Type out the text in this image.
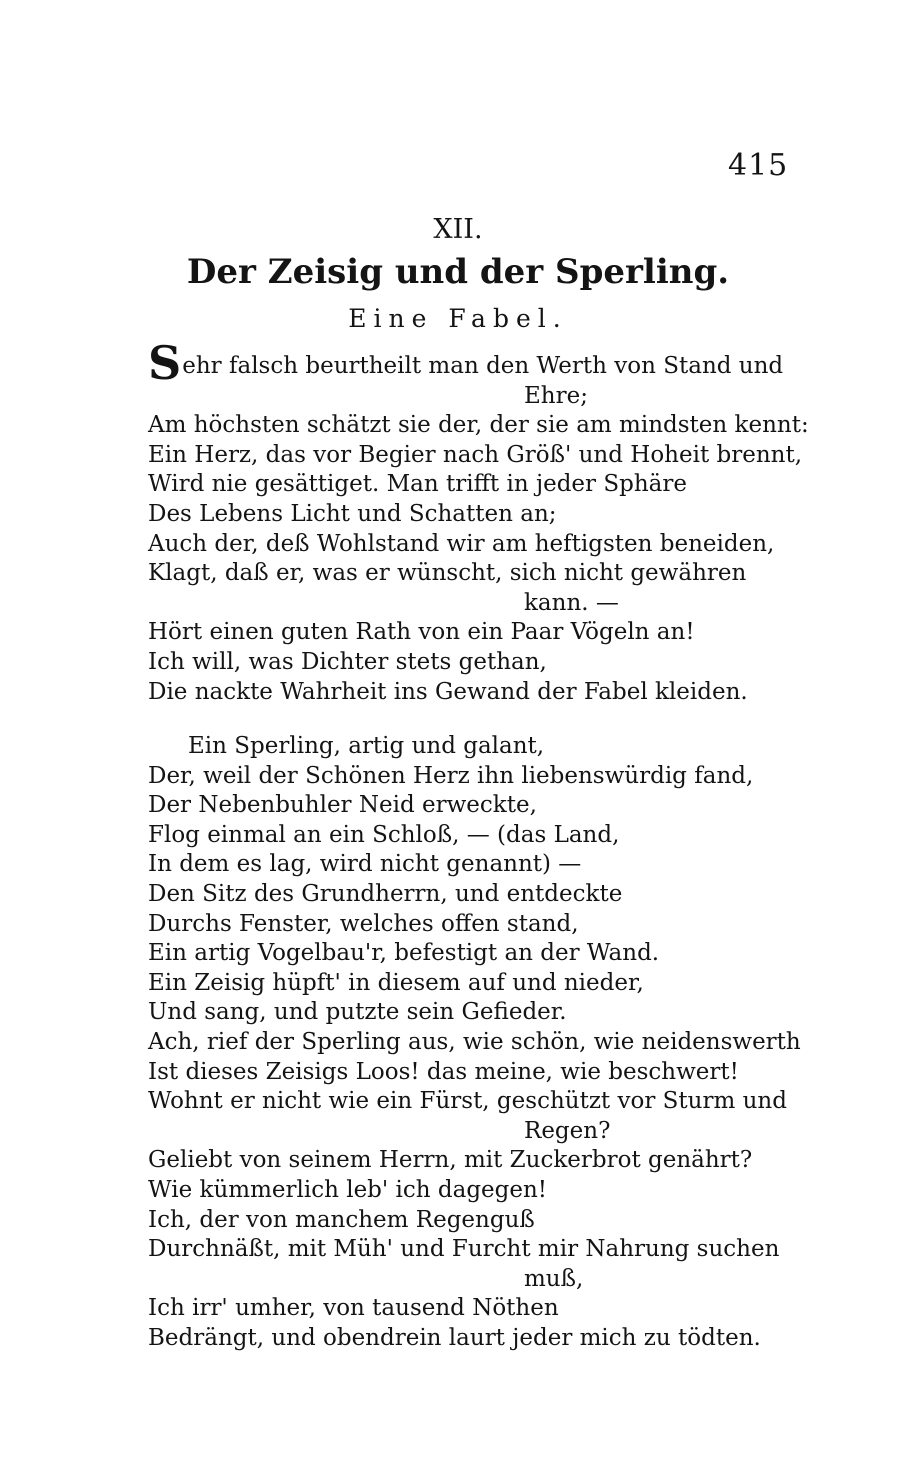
415
XII.
Der Zeisig und der Sperling.
Eine Fabel.
Sehr falsch beurtheilt man den Werth von Stand und
Ehre;
Am höchsten schätzt sie der, der sie am mindsten kennt:
Ein Herz, das vor Begier nach Größ' und Hoheit brennt,
Wird nie gesättiget. Man trifft in jeder Sphäre
Des Lebens Licht und Schatten an;
Auch der, deß Wohlstand wir am heftigsten beneiden,
Klagt, daß er, was er wünscht, sich nicht gewähren
kann. —
Hört einen guten Rath von ein Paar Vögeln an!
Ich will, was Dichter stets gethan,
Die nackte Wahrheit ins Gewand der Fabel kleiden.
Ein Sperling, artig und galant,
Der, weil der Schönen Herz ihn liebenswürdig fand,
Der Nebenbuhler Neid erweckte,
Flog einmal an ein Schloß, — (das Land,
In dem es lag, wird nicht genannt) —
Den Sitz des Grundherrn, und entdeckte
Durchs Fenster, welches offen stand,
Ein artig Vogelbau'r, befestigt an der Wand.
Ein Zeisig hüpft' in diesem auf und nieder,
Und sang, und putzte sein Gefieder.
Ach, rief der Sperling aus, wie schön, wie neidenswerth
Ist dieses Zeisigs Loos! das meine, wie beschwert!
Wohnt er nicht wie ein Fürst, geschützt vor Sturm und
Regen?
Geliebt von seinem Herrn, mit Zuckerbrot genährt?
Wie kümmerlich leb' ich dagegen!
Ich, der von manchem Regenguß
Durchnäßt, mit Müh' und Furcht mir Nahrung suchen
muß,
Ich irr' umher, von tausend Nöthen
Bedrängt, und obendrein laurt jeder mich zu tödten.
